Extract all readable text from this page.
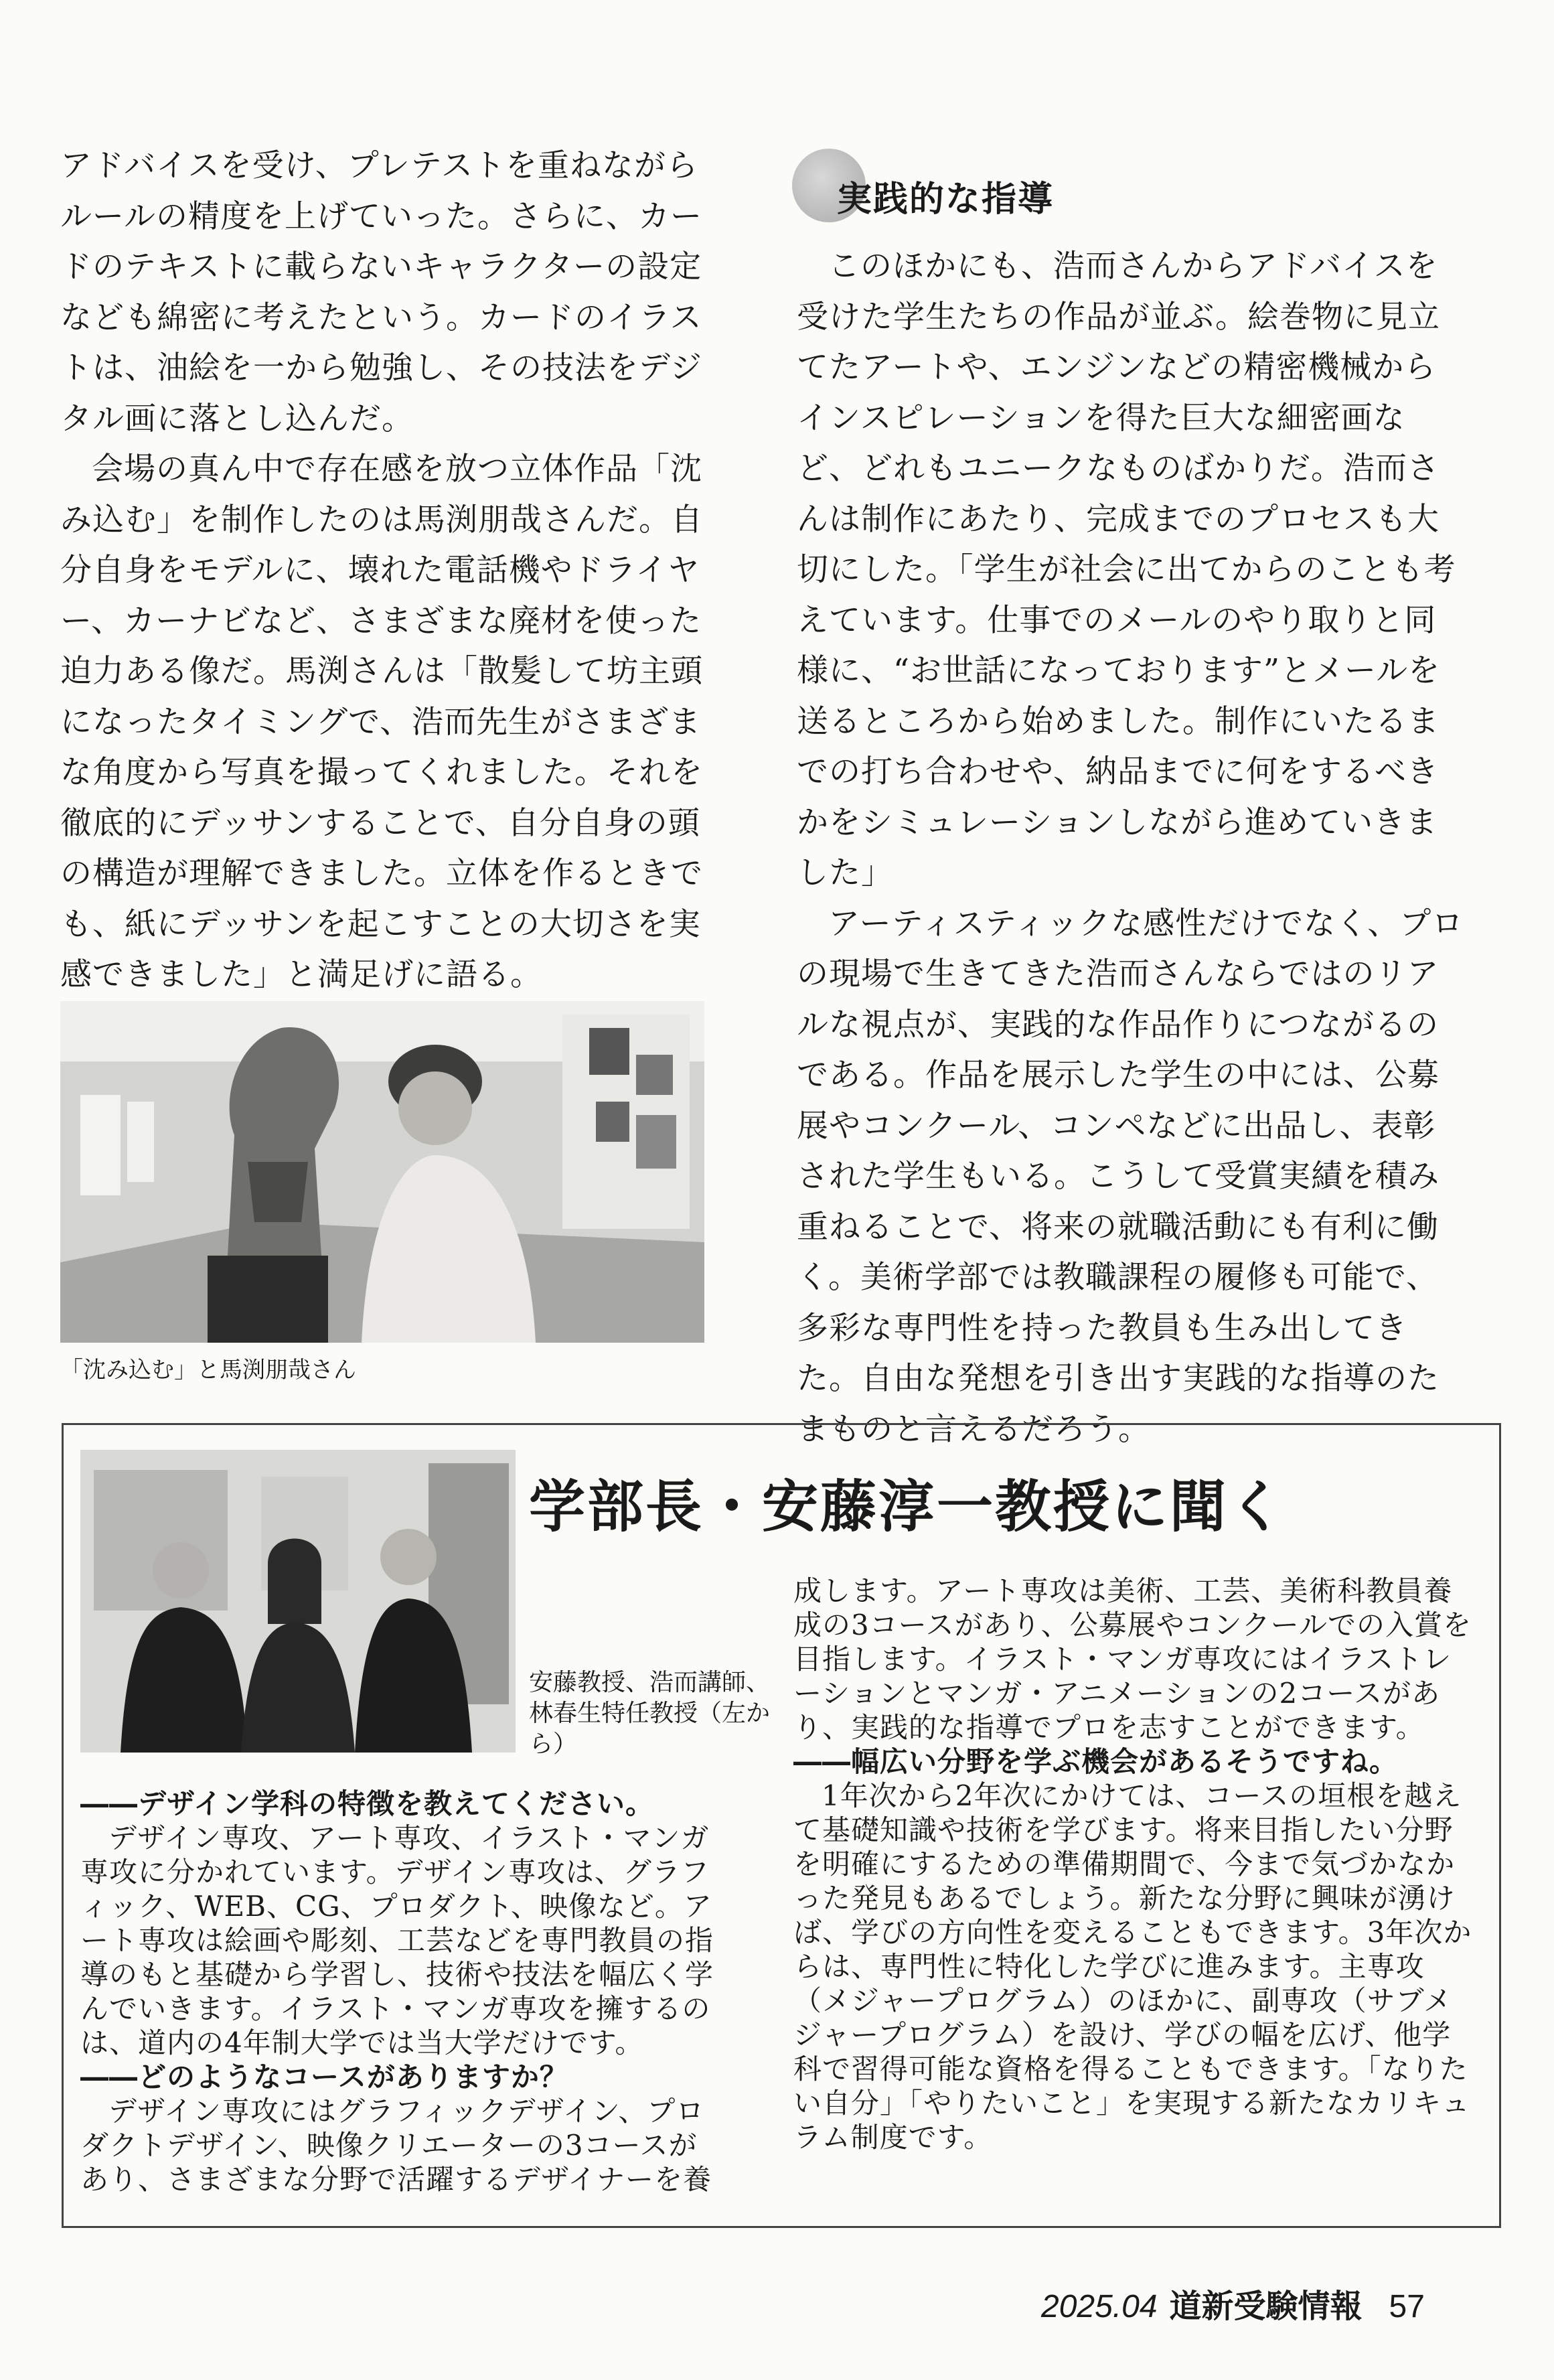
アドバイスを受け、プレテストを重ねながらルールの精度を上げていった。さらに、カードのテキストに載らないキャラクターの設定なども綿密に考えたという。カードのイラストは、油絵を一から勉強し、その技法をデジタル画に落とし込んだ。

会場の真ん中で存在感を放つ立体作品「沈み込む」を制作したのは馬渕朋哉さんだ。自分自身をモデルに、壊れた電話機やドライヤー、カーナビなど、さまざまな廃材を使った迫力ある像だ。馬渕さんは「散髪して坊主頭になったタイミングで、浩而先生がさまざまな角度から写真を撮ってくれました。それを徹底的にデッサンすることで、自分自身の頭の構造が理解できました。立体を作るときでも、紙にデッサンを起こすことの大切さを実感できました」と満足げに語る。

実践的な指導

このほかにも、浩而さんからアドバイスを受けた学生たちの作品が並ぶ。絵巻物に見立てたアートや、エンジンなどの精密機械からインスピレーションを得た巨大な細密画など、どれもユニークなものばかりだ。浩而さんは制作にあたり、完成までのプロセスも大切にした。「学生が社会に出てからのことも考えています。仕事でのメールのやり取りと同様に、“お世話になっております”とメールを送るところから始めました。制作にいたるまでの打ち合わせや、納品までに何をするべきかをシミュレーションしながら進めていきました」

アーティスティックな感性だけでなく、プロの現場で生きてきた浩而さんならではのリアルな視点が、実践的な作品作りにつながるのである。作品を展示した学生の中には、公募展やコンクール、コンペなどに出品し、表彰された学生もいる。こうして受賞実績を積み重ねることで、将来の就職活動にも有利に働く。美術学部では教職課程の履修も可能で、多彩な専門性を持った教員も生み出してきた。自由な発想を引き出す実践的な指導のたまものと言えるだろう。

「沈み込む」と馬渕朋哉さん
学部長・安藤淳一教授に聞く
安藤教授、浩而講師、林春生特任教授（左から）

――デザイン学科の特徴を教えてください。

デザイン専攻、アート専攻、イラスト・マンガ専攻に分かれています。デザイン専攻は、グラフィック、WEB、CG、プロダクト、映像など。アート専攻は絵画や彫刻、工芸などを専門教員の指導のもと基礎から学習し、技術や技法を幅広く学んでいきます。イラスト・マンガ専攻を擁するのは、道内の4年制大学では当大学だけです。

――どのようなコースがありますか？

デザイン専攻にはグラフィックデザイン、プロダクトデザイン、映像クリエーターの3コースがあり、さまざまな分野で活躍するデザイナーを養

成します。アート専攻は美術、工芸、美術科教員養成の3コースがあり、公募展やコンクールでの入賞を目指します。イラスト・マンガ専攻にはイラストレーションとマンガ・アニメーションの2コースがあり、実践的な指導でプロを志すことができます。

――幅広い分野を学ぶ機会があるそうですね。

1年次から2年次にかけては、コースの垣根を越えて基礎知識や技術を学びます。将来目指したい分野を明確にするための準備期間で、今まで気づかなかった発見もあるでしょう。新たな分野に興味が湧けば、学びの方向性を変えることもできます。3年次からは、専門性に特化した学びに進みます。主専攻（メジャープログラム）のほかに、副専攻（サブメジャープログラム）を設け、学びの幅を広げ、他学科で習得可能な資格を得ることもできます。「なりたい自分」「やりたいこと」を実現する新たなカリキュラム制度です。

2025.04 道新受験情報 57
